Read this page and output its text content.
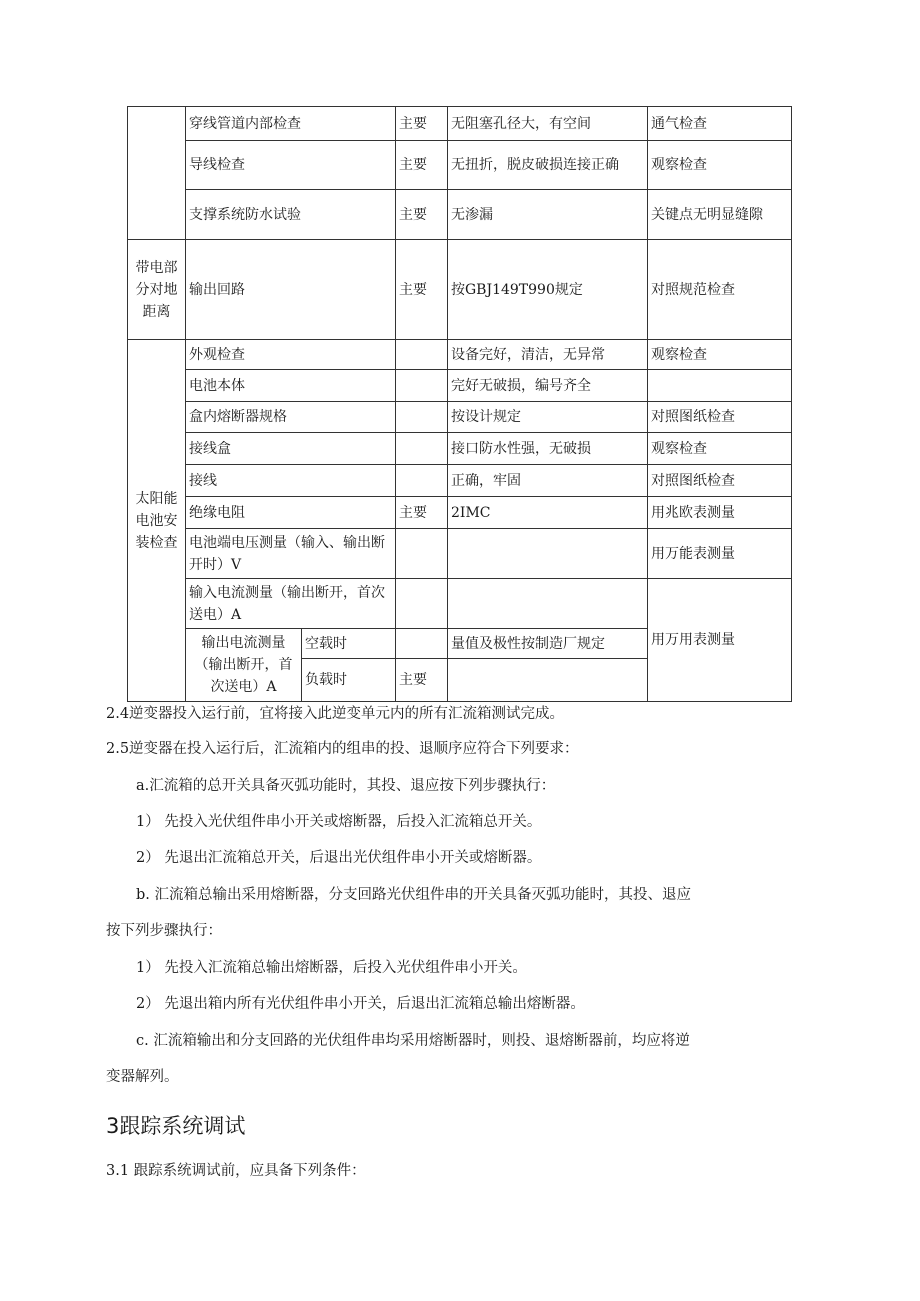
	穿线管道内部检查		主要	无阻塞孔径大，有空间	通气检查
	导线检查		主要	无扭折，脱皮破损连接正确	观察检查
	支撑系统防水试验		主要	无渗漏	关键点无明显缝隙
带电部分对地距离	输出回路		主要	按GBJ149T990规定	对照规范检查
太阳能电池安装检查	外观检查			设备完好，清洁，无异常	观察检查
	电池本体			完好无破损，编号齐全	
	盒内熔断器规格			按设计规定	对照图纸检查
	接线盒			接口防水性强，无破损	观察检查
	接线			正确，牢固	对照图纸检查
	绝缘电阻		主要	2IMC	用兆欧表测量
	电池端电压测量（输入、输出断开时）V				用万能表测量
	输入电流测量（输出断开，首次送电）A				用万用表测量
	输出电流测量（输出断开，首次送电）A	空载时		量值及极性按制造厂规定	
		负载时	主要		
2.4逆变器投入运行前，宜将接入此逆变单元内的所有汇流箱测试完成。
2.5逆变器在投入运行后，汇流箱内的组串的投、退顺序应符合下列要求：
a.汇流箱的总开关具备灭弧功能时，其投、退应按下列步骤执行：
1） 先投入光伏组件串小开关或熔断器，后投入汇流箱总开关。
2） 先退出汇流箱总开关，后退出光伏组件串小开关或熔断器。
b. 汇流箱总输出采用熔断器，分支回路光伏组件串的开关具备灭弧功能时，其投、退应
按下列步骤执行：
1） 先投入汇流箱总输出熔断器，后投入光伏组件串小开关。
2） 先退出箱内所有光伏组件串小开关，后退出汇流箱总输出熔断器。
c. 汇流箱输出和分支回路的光伏组件串均采用熔断器时，则投、退熔断器前，均应将逆
变器解列。
3跟踪系统调试
3.1 跟踪系统调试前，应具备下列条件：
